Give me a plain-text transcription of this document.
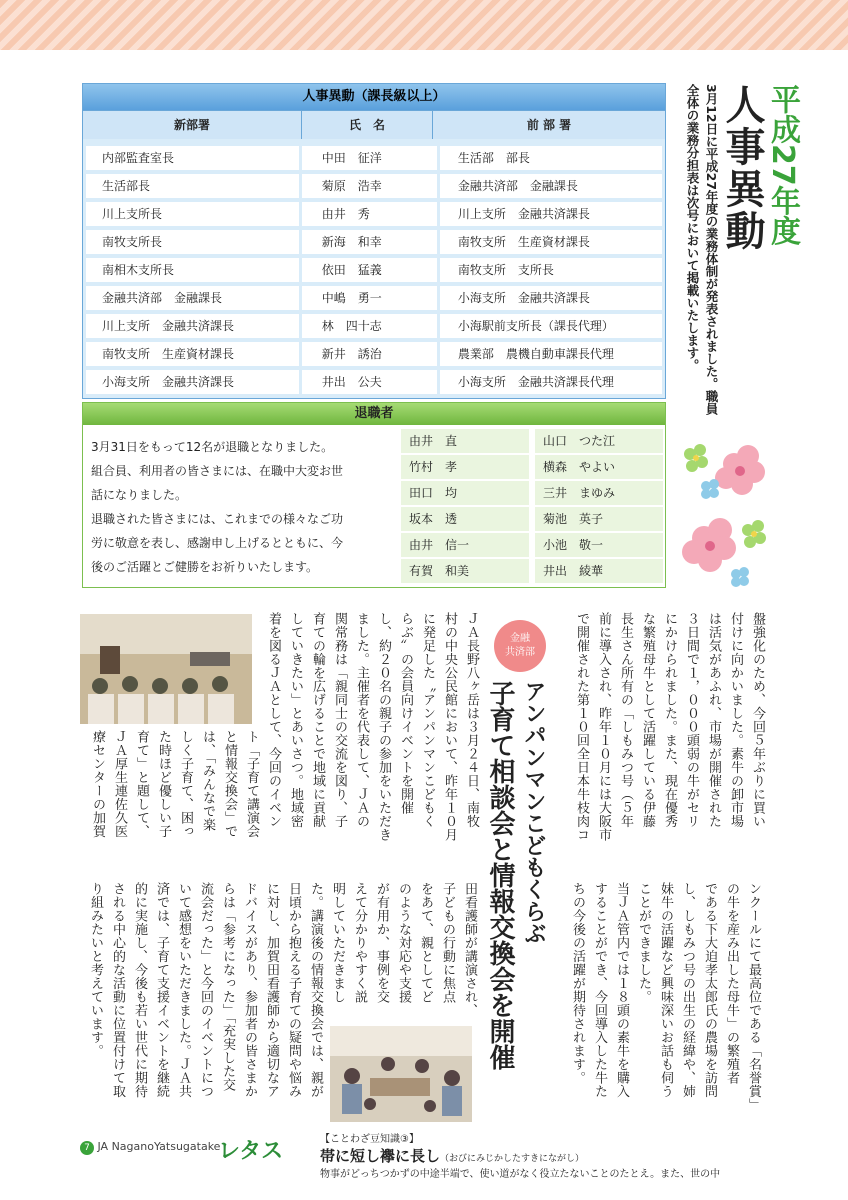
人事異動（課長級以上）
新部署	氏　名	前 部 署
内部監査室長	中田　征洋	生活部　部長
生活部長	菊原　浩幸	金融共済部　金融課長
川上支所長	由井　秀	川上支所　金融共済課長
南牧支所長	新海　和幸	南牧支所　生産資材課長
南相木支所長	依田　猛義	南牧支所　支所長
金融共済部　金融課長	中嶋　勇一	小海支所　金融共済課長
川上支所　金融共済課長	林　四十志	小海駅前支所長（課長代理）
南牧支所　生産資材課長	新井　誘治	農業部　農機自動車課長代理
小海支所　金融共済課長	井出　公夫	小海支所　金融共済課長代理
退職者
3月31日をもって12名が退職となりました。
組合員、利用者の皆さまには、在職中大変お世
話になりました。
退職された皆さまには、これまでの様々なご功
労に敬意を表し、感謝申し上げるとともに、今
後のご活躍とご健勝をお祈りいたします。
由井　直	山口　つた江
竹村　孝	横森　やよい
田口　均	三井　まゆみ
坂本　透	菊池　英子
由井　信一	小池　敬一
有賀　和美	井出　綾華
平成27年度
人事異動
3月12日に平成27年度の業務体制が発表されました。職員全体の業務分担表は次号において掲載いたします。
盤強化のため、今回５年ぶりに買い
付けに向かいました。素牛の卸市場
は活気があふれ、市場が開催された
３日間で１，０００頭弱の牛がセリ
にかけられました。また、現在優秀
な繁殖母牛として活躍している伊藤
長生さん所有の「しもみつ号（５年
前に導入され、昨年１０月には大阪市
で開催された第１０回全日本牛枝肉コ
金融
共済部
アンパンマンこどもくらぶ
子育て相談会と情報交換会を開催
ＪＡ長野八ヶ岳は３月２４日、南牧
村の中央公民館において、昨年１０月
に発足した〝アンパンマンこどもく
らぶ〟の会員向けイベントを開催
し、約２０名の親子の参加をいただき
ました。主催者を代表して、ＪＡの
関常務は「親同士の交流を図り、子
育ての輪を広げることで地域に貢献
していきたい」とあいさつ。地域密
着を図るＪＡとして、今回のイベン
ト「子育て講演会
と情報交換会」で
は、「みんなで楽
しく子育て、困っ
た時ほど優しい子
育て」と題して、
ＪＡ厚生連佐久医
療センターの加賀
ンクールにて最高位である「名誉賞」
の牛を産み出した母牛」の繁殖者
である下大迫孝太郎氏の農場を訪問
し、しもみつ号の出生の経緯や、姉
妹牛の活躍など興味深いお話も伺う
ことができました。
当ＪＡ管内では１８頭の素牛を購入
することができ、今回導入した牛た
ちの今後の活躍が期待されます。
田看護師が講演され、
子どもの行動に焦点
をあて、親としてど
のような対応や支援
が有用か、事例を交
えて分かりやすく説
明していただきまし
た。講演後の情報交換会では、親が
日頃から抱える子育ての疑問や悩み
に対し、加賀田看護師から適切なア
ドバイスがあり、参加者の皆さまか
らは「参考になった」「充実した交
流会だった」と今回のイベントにつ
いて感想をいただきました。ＪＡ共
済では、子育て支援イベントを継続
的に実施し、今後も若い世代に期待
される中心的な活動に位置付けて取
り組みたいと考えています。
7 JA NaganoYatsugatake
レタス	【ことわざ豆知識③】
帯に短し襷に長し（おびにみじかしたすきにながし）
物事がどっちつかずの中途半端で、使い道がなく役立たないことのたとえ。また、世の中
